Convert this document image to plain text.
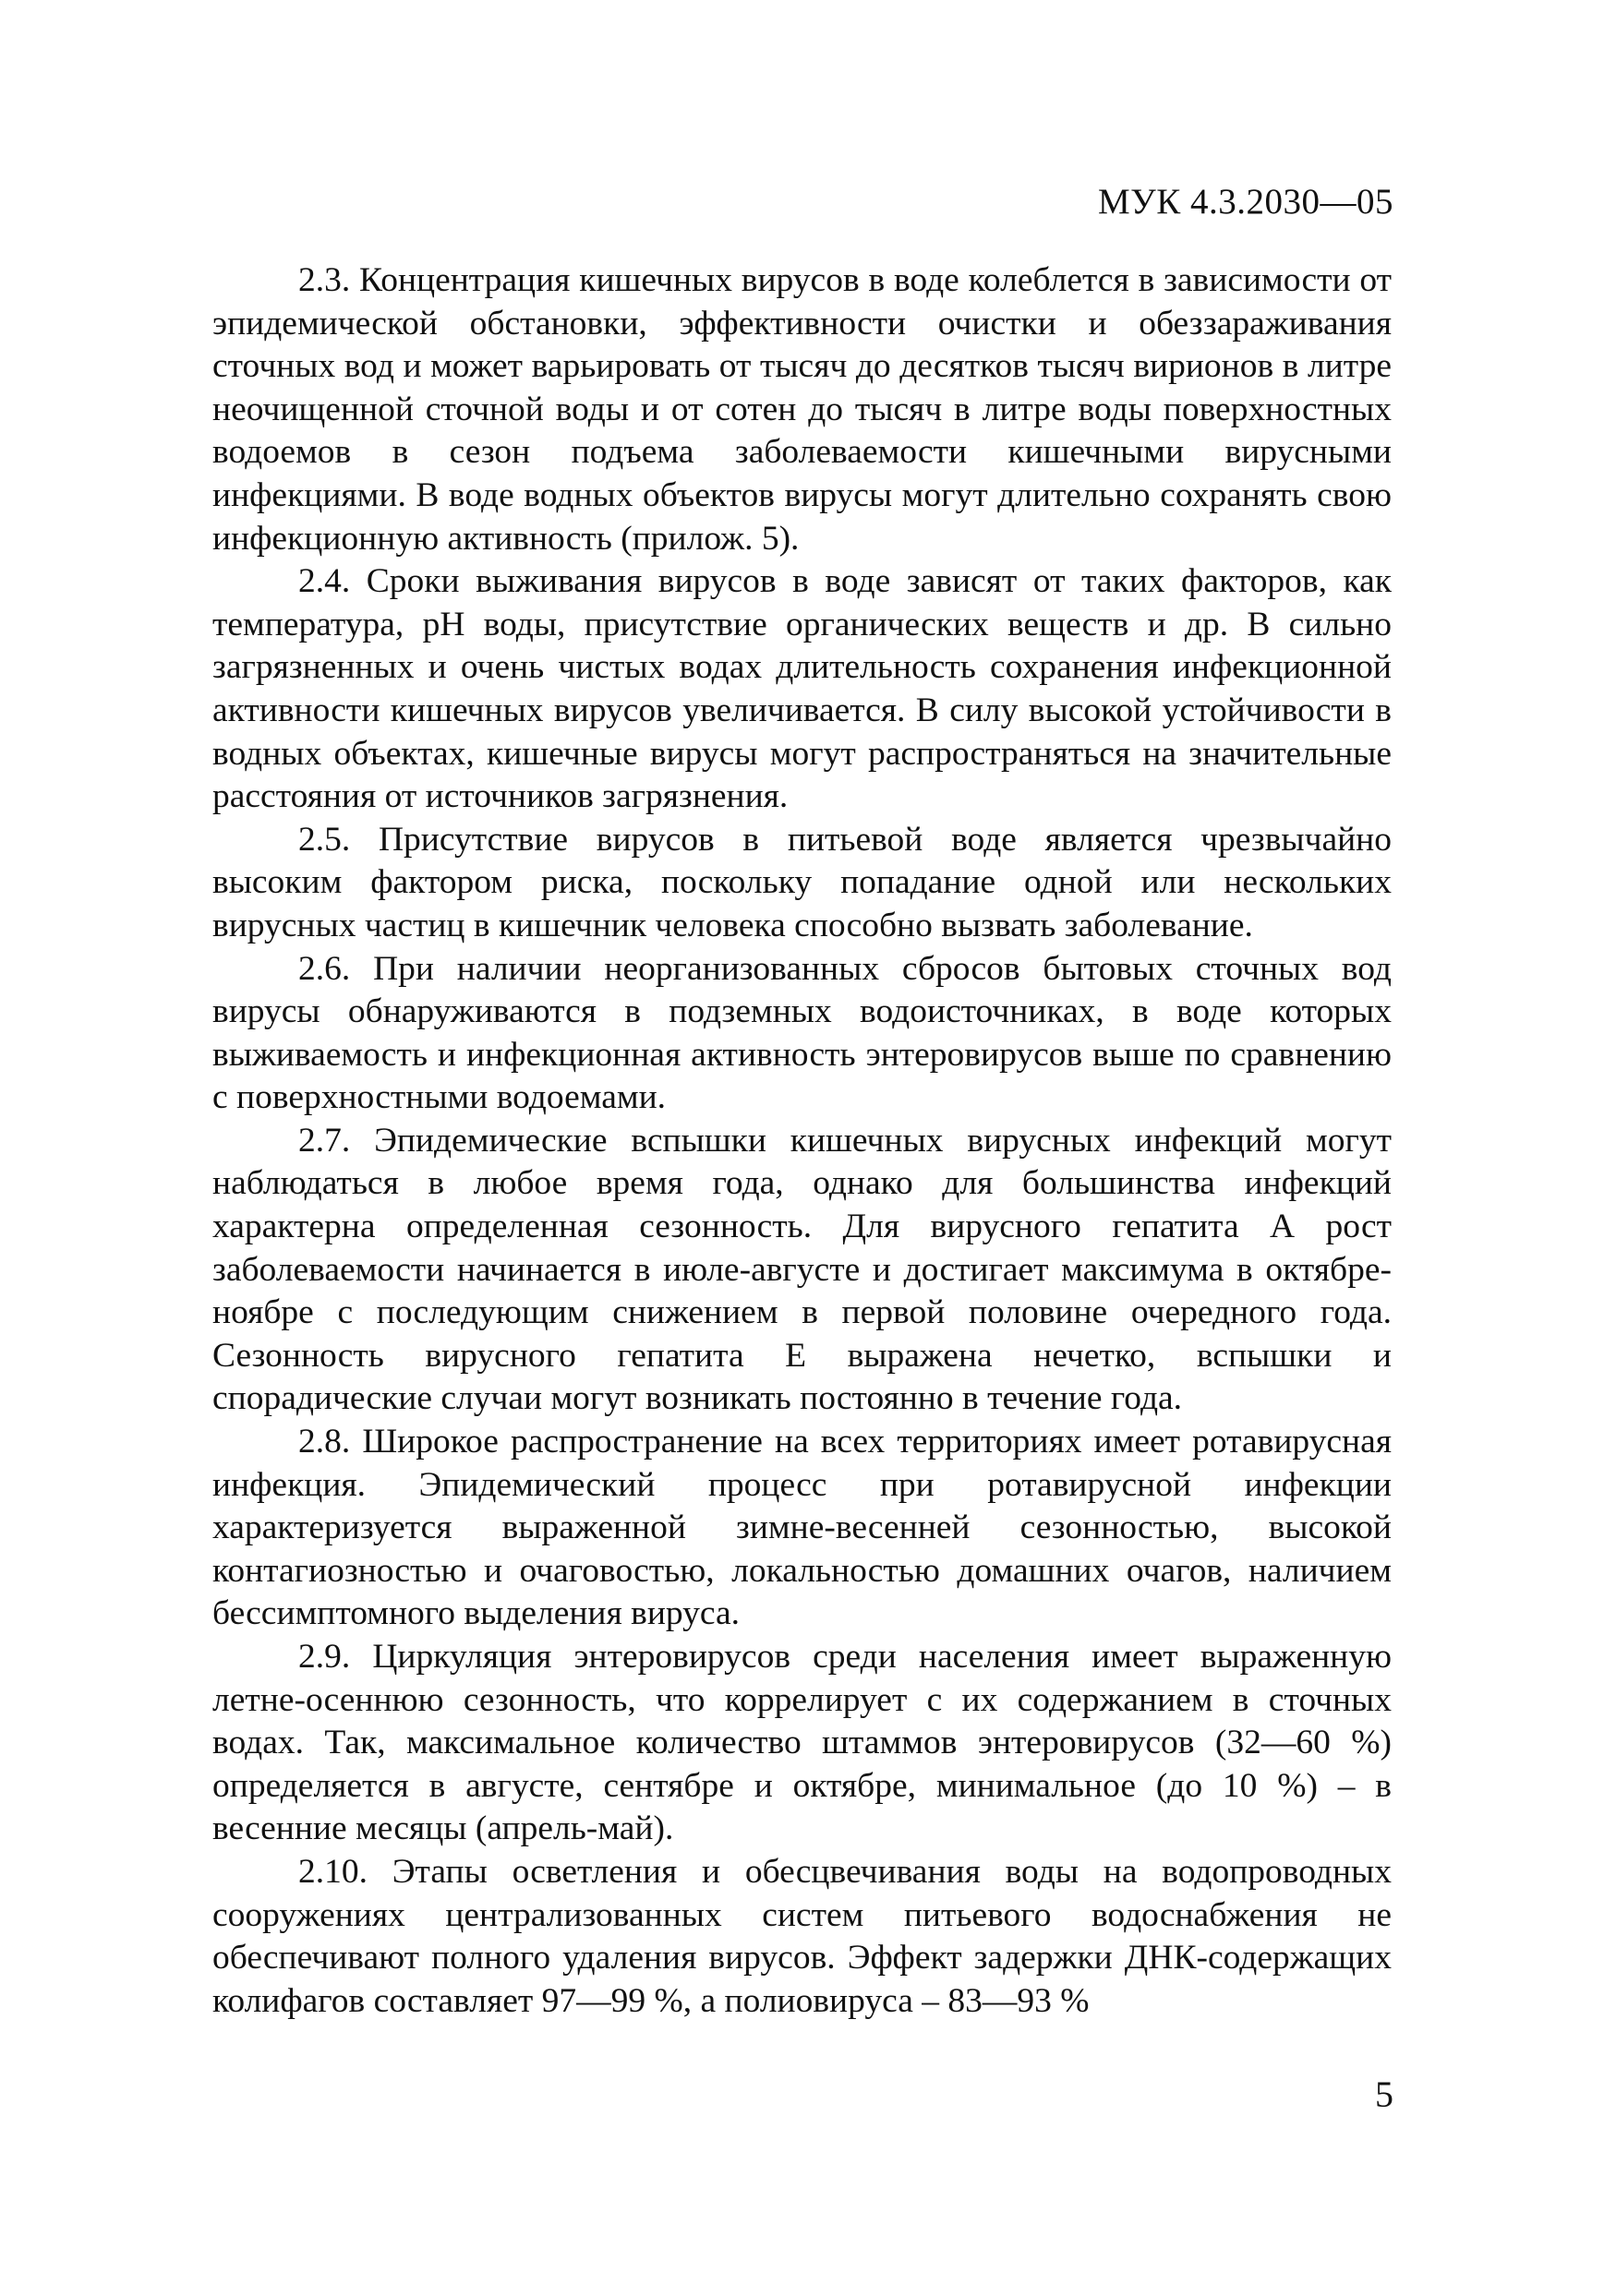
МУК 4.3.2030—05

2.3. Концентрация кишечных вирусов в воде колеблется в зависимости от эпидемической обстановки, эффективности очистки и обеззараживания сточных вод и может варьировать от тысяч до десятков тысяч вирионов в литре неочищенной сточной воды и от сотен до тысяч в литре воды поверхностных водоемов в сезон подъема заболеваемости кишечными вирусными инфекциями. В воде водных объектов вирусы могут длительно сохранять свою инфекционную активность (прилож. 5).

2.4. Сроки выживания вирусов в воде зависят от таких факторов, как температура, pH воды, присутствие органических веществ и др. В сильно загрязненных и очень чистых водах длительность сохранения инфекционной активности кишечных вирусов увеличивается. В силу высокой устойчивости в водных объектах, кишечные вирусы могут распространяться на значительные расстояния от источников загрязнения.

2.5. Присутствие вирусов в питьевой воде является чрезвычайно высоким фактором риска, поскольку попадание одной или нескольких вирусных частиц в кишечник человека способно вызвать заболевание.

2.6. При наличии неорганизованных сбросов бытовых сточных вод вирусы обнаруживаются в подземных водоисточниках, в воде которых выживаемость и инфекционная активность энтеровирусов выше по сравнению с поверхностными водоемами.

2.7. Эпидемические вспышки кишечных вирусных инфекций могут наблюдаться в любое время года, однако для большинства инфекций характерна определенная сезонность. Для вирусного гепатита А рост заболеваемости начинается в июле-августе и достигает максимума в октябре-ноябре с последующим снижением в первой половине очередного года. Сезонность вирусного гепатита Е выражена нечетко, вспышки и спорадические случаи могут возникать постоянно в течение года.

2.8. Широкое распространение на всех территориях имеет ротавирусная инфекция. Эпидемический процесс при ротавирусной инфекции характеризуется выраженной зимне-весенней сезонностью, высокой контагиозностью и очаговостью, локальностью домашних очагов, наличием бессимптомного выделения вируса.

2.9. Циркуляция энтеровирусов среди населения имеет выраженную летне-осеннюю сезонность, что коррелирует с их содержанием в сточных водах. Так, максимальное количество штаммов энтеровирусов (32—60 %) определяется в августе, сентябре и октябре, минимальное (до 10 %) – в весенние месяцы (апрель-май).

2.10. Этапы осветления и обесцвечивания воды на водопроводных сооружениях централизованных систем питьевого водоснабжения не обеспечивают полного удаления вирусов. Эффект задержки ДНК-содержащих колифагов составляет 97—99 %, а полиовируса – 83—93 %

5
